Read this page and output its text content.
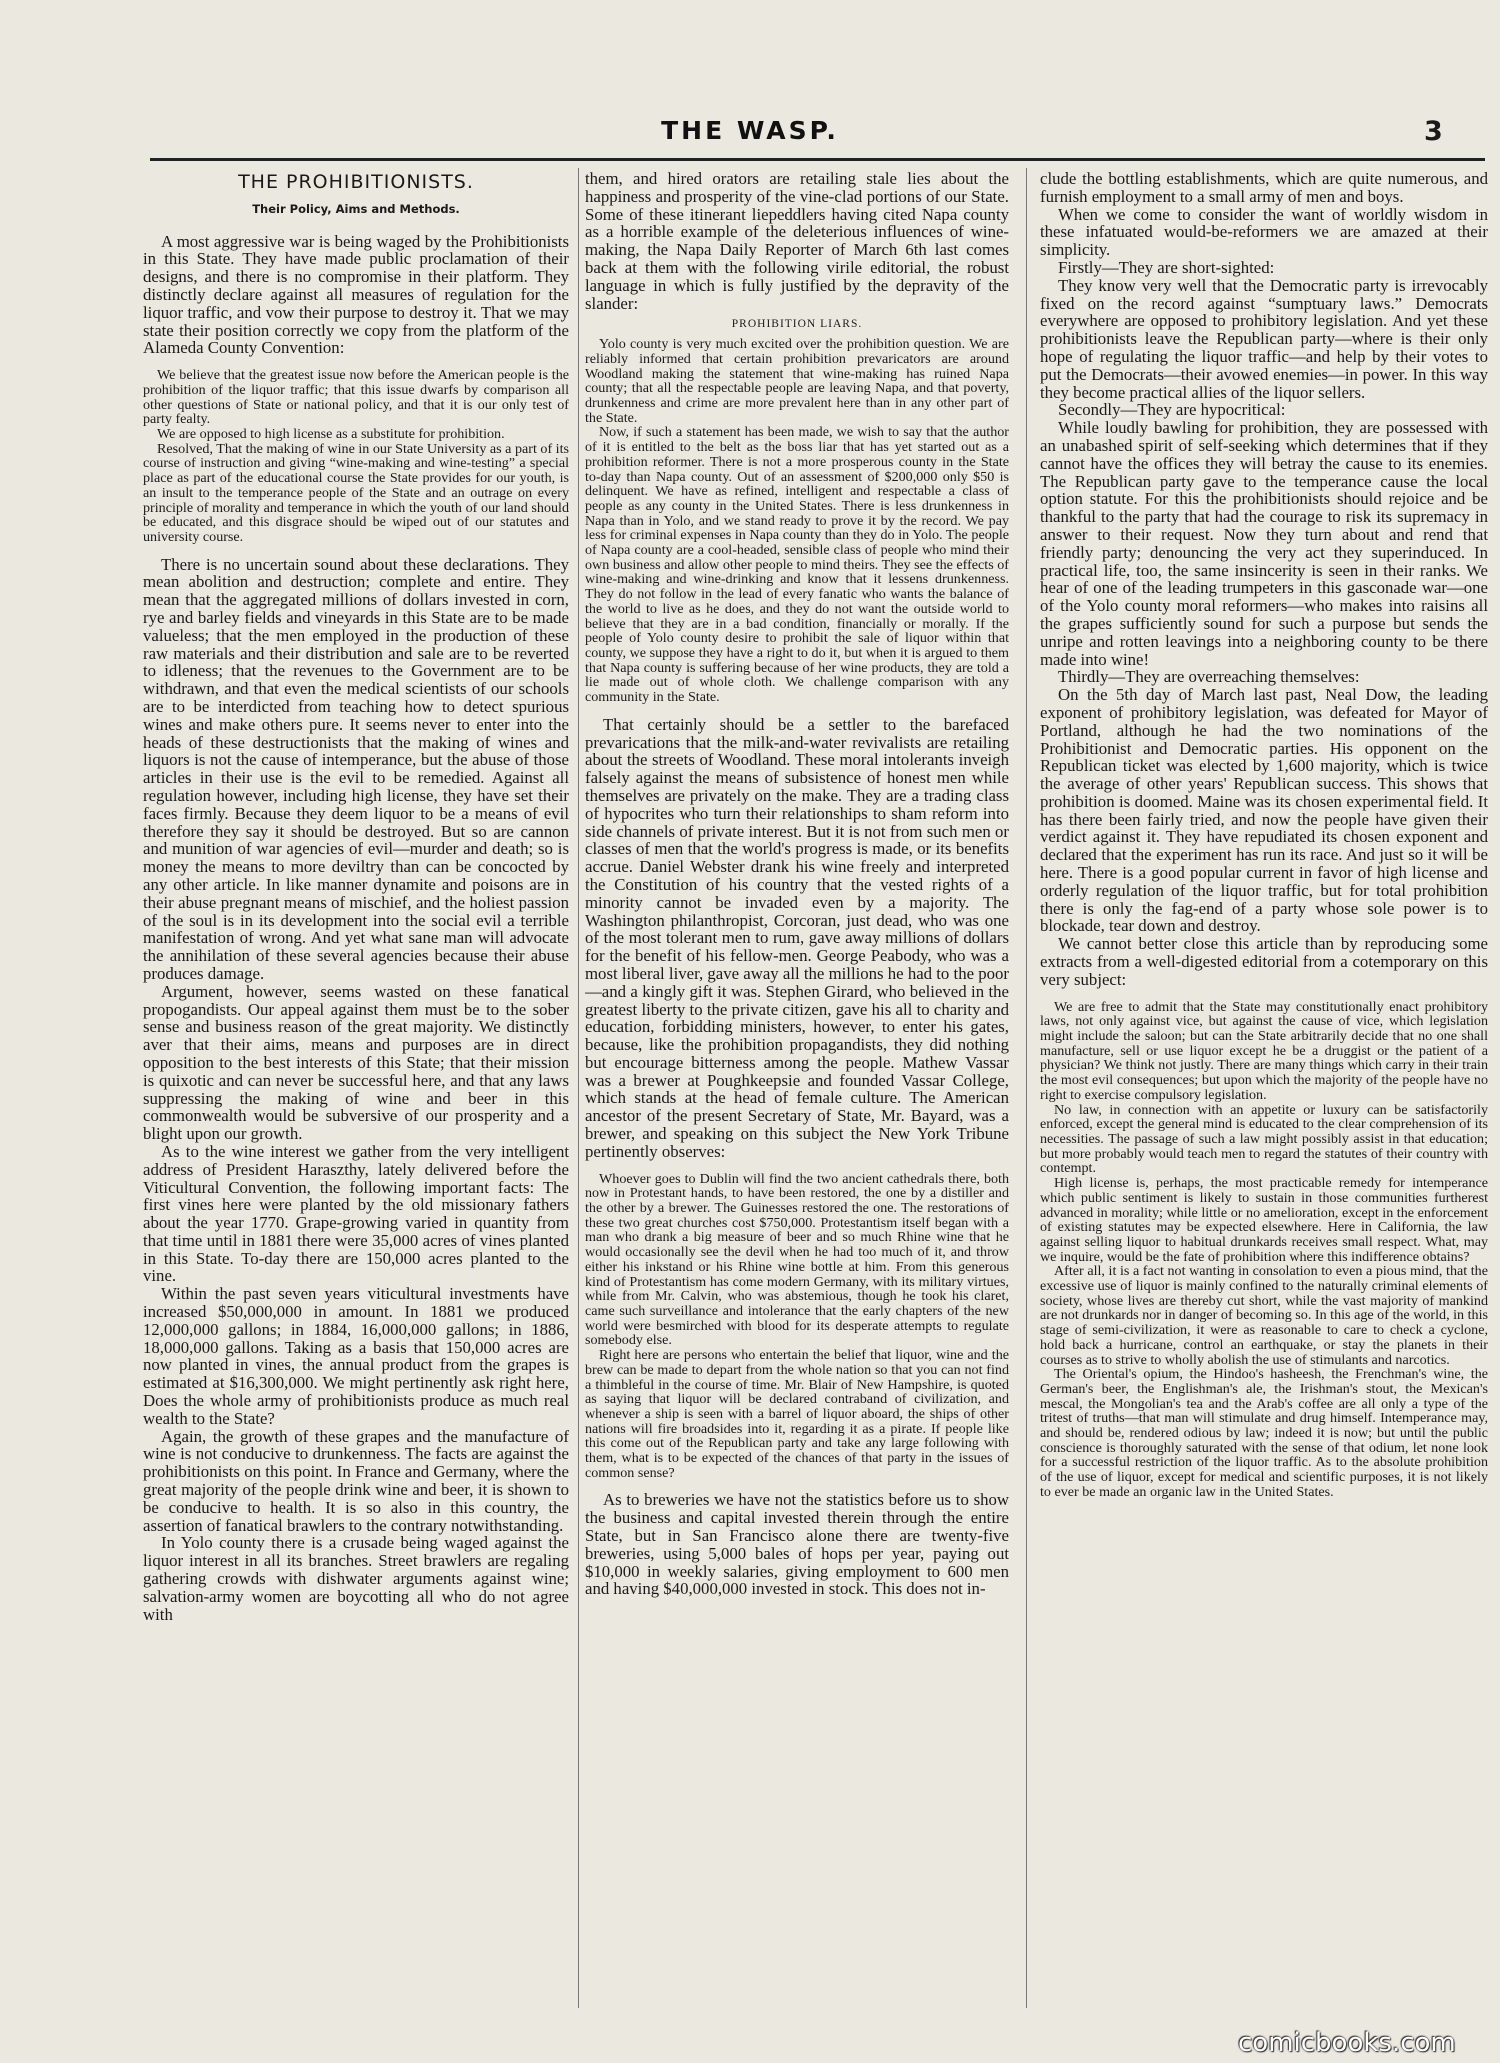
THE WASP.	3
THE PROHIBITIONISTS.
Their Policy, Aims and Methods.

A most aggressive war is being waged by the Prohibitionists in this State. They have made public proclamation of their designs, and there is no compromise in their platform. They distinctly declare against all measures of regulation for the liquor traffic, and vow their purpose to destroy it. That we may state their position correctly we copy from the platform of the Alameda County Convention:

We believe that the greatest issue now before the American people is the prohibition of the liquor traffic; that this issue dwarfs by comparison all other questions of State or national policy, and that it is our only test of party fealty.
We are opposed to high license as a substitute for prohibition.
Resolved, That the making of wine in our State University as a part of its course of instruction and giving “wine-making and wine-testing” a special place as part of the educational course the State provides for our youth, is an insult to the temperance people of the State and an outrage on every principle of morality and temperance in which the youth of our land should be educated, and this disgrace should be wiped out of our statutes and university course.

There is no uncertain sound about these declarations. They mean abolition and destruction; complete and entire. They mean that the aggregated millions of dollars invested in corn, rye and barley fields and vineyards in this State are to be made valueless; that the men employed in the production of these raw materials and their distribution and sale are to be reverted to idleness; that the revenues to the Government are to be withdrawn, and that even the medical scientists of our schools are to be interdicted from teaching how to detect spurious wines and make others pure. It seems never to enter into the heads of these destructionists that the making of wines and liquors is not the cause of intemperance, but the abuse of those articles in their use is the evil to be remedied. Against all regulation however, including high license, they have set their faces firmly. Because they deem liquor to be a means of evil therefore they say it should be destroyed. But so are cannon and munition of war agencies of evil—murder and death; so is money the means to more deviltry than can be concocted by any other article. In like manner dynamite and poisons are in their abuse pregnant means of mischief, and the holiest passion of the soul is in its development into the social evil a terrible manifestation of wrong. And yet what sane man will advocate the annihilation of these several agencies because their abuse produces damage.

Argument, however, seems wasted on these fanatical propogandists. Our appeal against them must be to the sober sense and business reason of the great majority. We distinctly aver that their aims, means and purposes are in direct opposition to the best interests of this State; that their mission is quixotic and can never be successful here, and that any laws suppressing the making of wine and beer in this commonwealth would be subversive of our prosperity and a blight upon our growth.

As to the wine interest we gather from the very intelligent address of President Haraszthy, lately delivered before the Viticultural Convention, the following important facts: The first vines here were planted by the old missionary fathers about the year 1770. Grape-growing varied in quantity from that time until in 1881 there were 35,000 acres of vines planted in this State. To-day there are 150,000 acres planted to the vine.

Within the past seven years viticultural investments have increased $50,000,000 in amount. In 1881 we produced 12,000,000 gallons; in 1884, 16,000,000 gallons; in 1886, 18,000,000 gallons. Taking as a basis that 150,000 acres are now planted in vines, the annual product from the grapes is estimated at $16,300,000. We might pertinently ask right here, Does the whole army of prohibitionists produce as much real wealth to the State?

Again, the growth of these grapes and the manufacture of wine is not conducive to drunkenness. The facts are against the prohibitionists on this point. In France and Germany, where the great majority of the people drink wine and beer, it is shown to be conducive to health. It is so also in this country, the assertion of fanatical brawlers to the contrary notwithstanding.

In Yolo county there is a crusade being waged against the liquor interest in all its branches. Street brawlers are regaling gathering crowds with dishwater arguments against wine; salvation-army women are boycotting all who do not agree with

them, and hired orators are retailing stale lies about the happiness and prosperity of the vine-clad portions of our State. Some of these itinerant liepeddlers having cited Napa county as a horrible example of the deleterious influences of wine-making, the Napa Daily Reporter of March 6th last comes back at them with the following virile editorial, the robust language in which is fully justified by the depravity of the slander:

PROHIBITION LIARS.
Yolo county is very much excited over the prohibition question. We are reliably informed that certain prohibition prevaricators are around Woodland making the statement that wine-making has ruined Napa county; that all the respectable people are leaving Napa, and that poverty, drunkenness and crime are more prevalent here than in any other part of the State.
Now, if such a statement has been made, we wish to say that the author of it is entitled to the belt as the boss liar that has yet started out as a prohibition reformer. There is not a more prosperous county in the State to-day than Napa county. Out of an assessment of $200,000 only $50 is delinquent. We have as refined, intelligent and respectable a class of people as any county in the United States. There is less drunkenness in Napa than in Yolo, and we stand ready to prove it by the record. We pay less for criminal expenses in Napa county than they do in Yolo. The people of Napa county are a cool-headed, sensible class of people who mind their own business and allow other people to mind theirs. They see the effects of wine-making and wine-drinking and know that it lessens drunkenness. They do not follow in the lead of every fanatic who wants the balance of the world to live as he does, and they do not want the outside world to believe that they are in a bad condition, financially or morally. If the people of Yolo county desire to prohibit the sale of liquor within that county, we suppose they have a right to do it, but when it is argued to them that Napa county is suffering because of her wine products, they are told a lie made out of whole cloth. We challenge comparison with any community in the State.

That certainly should be a settler to the barefaced prevarications that the milk-and-water revivalists are retailing about the streets of Woodland. These moral intolerants inveigh falsely against the means of subsistence of honest men while themselves are privately on the make. They are a trading class of hypocrites who turn their relationships to sham reform into side channels of private interest. But it is not from such men or classes of men that the world's progress is made, or its benefits accrue. Daniel Webster drank his wine freely and interpreted the Constitution of his country that the vested rights of a minority cannot be invaded even by a majority. The Washington philanthropist, Corcoran, just dead, who was one of the most tolerant men to rum, gave away millions of dollars for the benefit of his fellow-men. George Peabody, who was a most liberal liver, gave away all the millions he had to the poor—and a kingly gift it was. Stephen Girard, who believed in the greatest liberty to the private citizen, gave his all to charity and education, forbidding ministers, however, to enter his gates, because, like the prohibition propagandists, they did nothing but encourage bitterness among the people. Mathew Vassar was a brewer at Poughkeepsie and founded Vassar College, which stands at the head of female culture. The American ancestor of the present Secretary of State, Mr. Bayard, was a brewer, and speaking on this subject the New York Tribune pertinently observes:

Whoever goes to Dublin will find the two ancient cathedrals there, both now in Protestant hands, to have been restored, the one by a distiller and the other by a brewer. The Guinesses restored the one. The restorations of these two great churches cost $750,000. Protestantism itself began with a man who drank a big measure of beer and so much Rhine wine that he would occasionally see the devil when he had too much of it, and throw either his inkstand or his Rhine wine bottle at him. From this generous kind of Protestantism has come modern Germany, with its military virtues, while from Mr. Calvin, who was abstemious, though he took his claret, came such surveillance and intolerance that the early chapters of the new world were besmirched with blood for its desperate attempts to regulate somebody else.
Right here are persons who entertain the belief that liquor, wine and the brew can be made to depart from the whole nation so that you can not find a thimbleful in the course of time. Mr. Blair of New Hampshire, is quoted as saying that liquor will be declared contraband of civilization, and whenever a ship is seen with a barrel of liquor aboard, the ships of other nations will fire broadsides into it, regarding it as a pirate. If people like this come out of the Republican party and take any large following with them, what is to be expected of the chances of that party in the issues of common sense?

As to breweries we have not the statistics before us to show the business and capital invested therein through the entire State, but in San Francisco alone there are twenty-five breweries, using 5,000 bales of hops per year, paying out $10,000 in weekly salaries, giving employment to 600 men and having $40,000,000 invested in stock. This does not in-

clude the bottling establishments, which are quite numerous, and furnish employment to a small army of men and boys.

When we come to consider the want of worldly wisdom in these infatuated would-be-reformers we are amazed at their simplicity.

Firstly—They are short-sighted:

They know very well that the Democratic party is irrevocably fixed on the record against “sumptuary laws.” Democrats everywhere are opposed to prohibitory legislation. And yet these prohibitionists leave the Republican party—where is their only hope of regulating the liquor traffic—and help by their votes to put the Democrats—their avowed enemies—in power. In this way they become practical allies of the liquor sellers.

Secondly—They are hypocritical:

While loudly bawling for prohibition, they are possessed with an unabashed spirit of self-seeking which determines that if they cannot have the offices they will betray the cause to its enemies. The Republican party gave to the temperance cause the local option statute. For this the prohibitionists should rejoice and be thankful to the party that had the courage to risk its supremacy in answer to their request. Now they turn about and rend that friendly party; denouncing the very act they superinduced. In practical life, too, the same insincerity is seen in their ranks. We hear of one of the leading trumpeters in this gasconade war—one of the Yolo county moral reformers—who makes into raisins all the grapes sufficiently sound for such a purpose but sends the unripe and rotten leavings into a neighboring county to be there made into wine!

Thirdly—They are overreaching themselves:

On the 5th day of March last past, Neal Dow, the leading exponent of prohibitory legislation, was defeated for Mayor of Portland, although he had the two nominations of the Prohibitionist and Democratic parties. His opponent on the Republican ticket was elected by 1,600 majority, which is twice the average of other years' Republican success. This shows that prohibition is doomed. Maine was its chosen experimental field. It has there been fairly tried, and now the people have given their verdict against it. They have repudiated its chosen exponent and declared that the experiment has run its race. And just so it will be here. There is a good popular current in favor of high license and orderly regulation of the liquor traffic, but for total prohibition there is only the fag-end of a party whose sole power is to blockade, tear down and destroy.

We cannot better close this article than by reproducing some extracts from a well-digested editorial from a cotemporary on this very subject:

We are free to admit that the State may constitutionally enact prohibitory laws, not only against vice, but against the cause of vice, which legislation might include the saloon; but can the State arbitrarily decide that no one shall manufacture, sell or use liquor except he be a druggist or the patient of a physician? We think not justly. There are many things which carry in their train the most evil consequences; but upon which the majority of the people have no right to exercise compulsory legislation.
No law, in connection with an appetite or luxury can be satisfactorily enforced, except the general mind is educated to the clear comprehension of its necessities. The passage of such a law might possibly assist in that education; but more probably would teach men to regard the statutes of their country with contempt.
High license is, perhaps, the most practicable remedy for intemperance which public sentiment is likely to sustain in those communities furtherest advanced in morality; while little or no amelioration, except in the enforcement of existing statutes may be expected elsewhere. Here in California, the law against selling liquor to habitual drunkards receives small respect. What, may we inquire, would be the fate of prohibition where this indifference obtains?
After all, it is a fact not wanting in consolation to even a pious mind, that the excessive use of liquor is mainly confined to the naturally criminal elements of society, whose lives are thereby cut short, while the vast majority of mankind are not drunkards nor in danger of becoming so. In this age of the world, in this stage of semi-civilization, it were as reasonable to care to check a cyclone, hold back a hurricane, control an earthquake, or stay the planets in their courses as to strive to wholly abolish the use of stimulants and narcotics.
The Oriental's opium, the Hindoo's hasheesh, the Frenchman's wine, the German's beer, the Englishman's ale, the Irishman's stout, the Mexican's mescal, the Mongolian's tea and the Arab's coffee are all only a type of the tritest of truths—that man will stimulate and drug himself. Intemperance may, and should be, rendered odious by law; indeed it is now; but until the public conscience is thoroughly saturated with the sense of that odium, let none look for a successful restriction of the liquor traffic. As to the absolute prohibition of the use of liquor, except for medical and scientific purposes, it is not likely to ever be made an organic law in the United States.
comicbooks.com
